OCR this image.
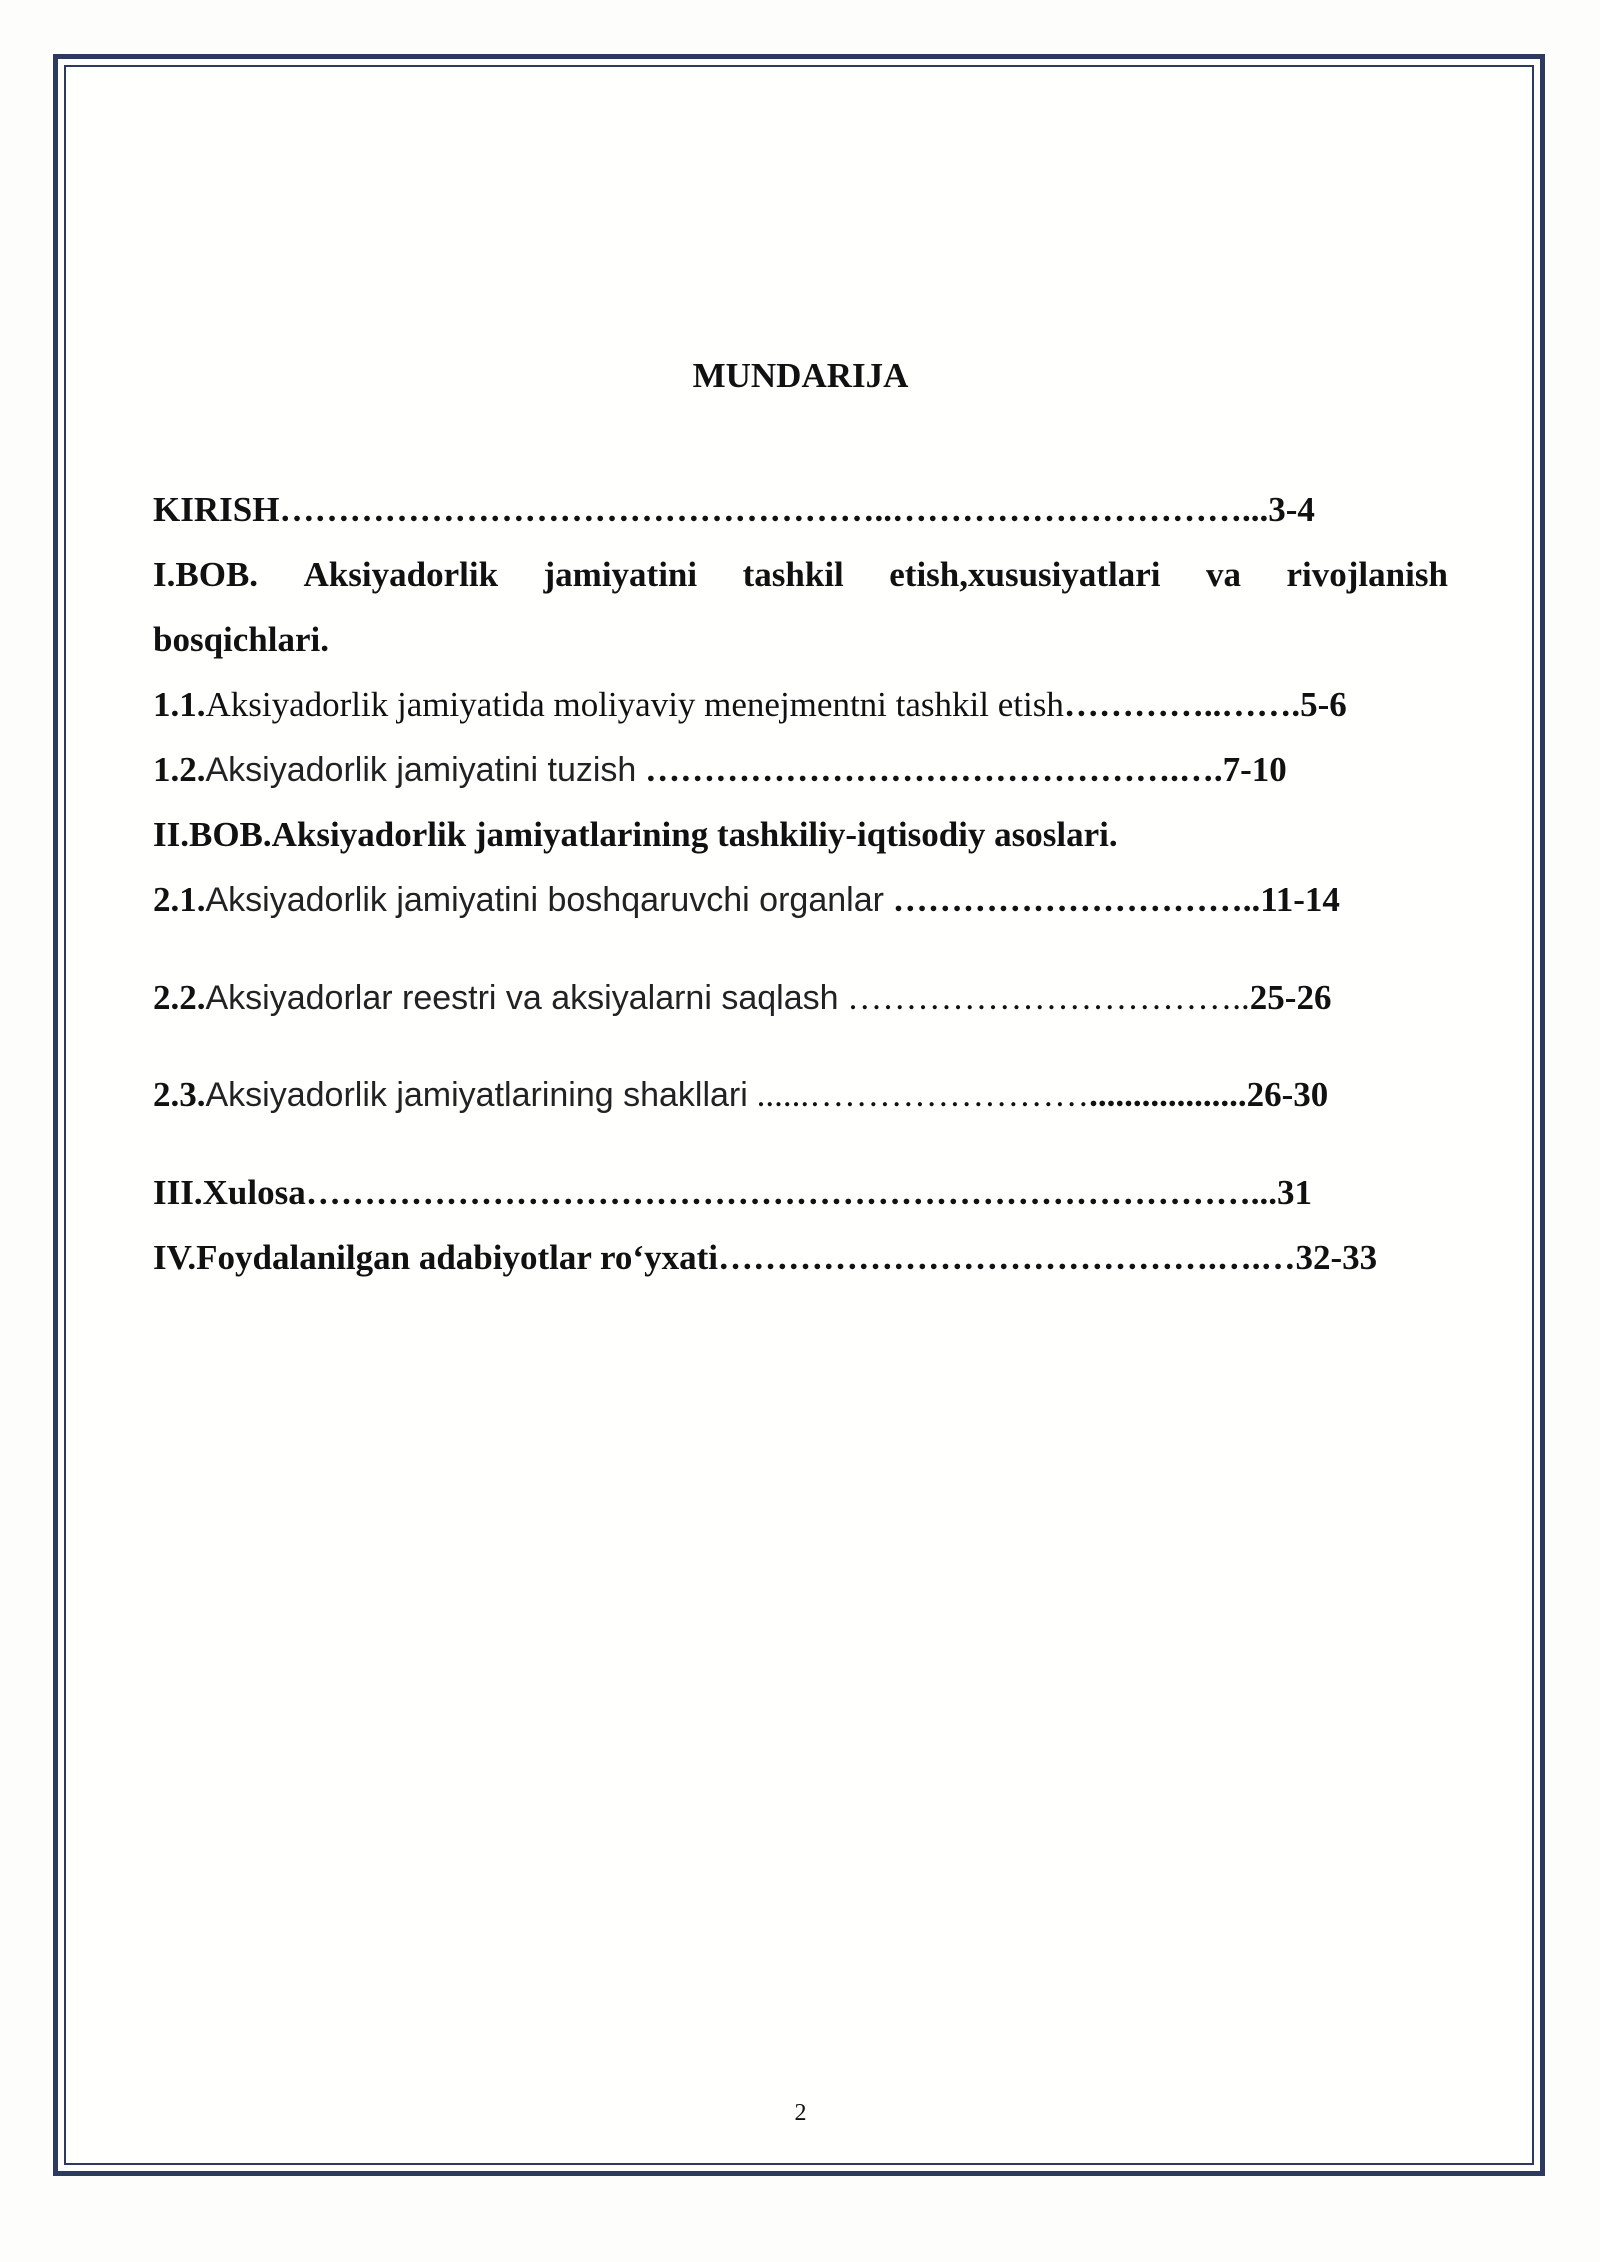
MUNDARIJA
KIRISH……………………………………………..…………………………...3-4
I.BOB. Aksiyadorlik jamiyatini tashkil etish,xususiyatlari va rivojlanish
bosqichlari.
1.1.Aksiyadorlik jamiyatida moliyaviy menejmentni tashkil etish…………..…….5-6
1.2.Aksiyadorlik jamiyatini tuzish ……………………………………….….7-10
II.BOB.Aksiyadorlik jamiyatlarining tashkiliy-iqtisodiy asoslari.
2.1.Aksiyadorlik jamiyatini boshqaruvchi organlar …………………………..11-14
2.2.Aksiyadorlar reestri va aksiyalarni saqlash ……………………………..25-26
2.3.Aksiyadorlik jamiyatlarining shakllari ......……………………..................26-30
III.Xulosa………………………………………………………………………...31
IV.Foydalanilgan adabiyotlar ro‘yxati…………………………………….….…32-33
2
